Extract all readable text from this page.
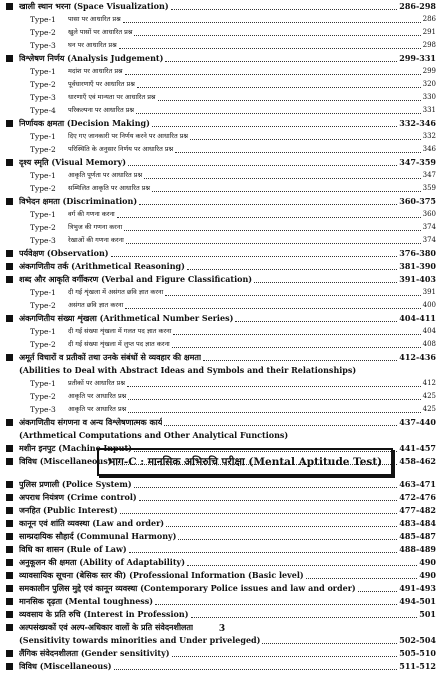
खाली स्थान भरना (Space Visualization)	286-298
Type-1	पासा पर आधारित प्रश्न	286
Type-2	खुले पासों पर आधारित प्रश्न	291
Type-3	घन पर आधारित प्रश्न	298
विश्लेषण निर्णय (Analysis Judgement)	299-331
Type-1	मदांश पर आधारित प्रश्न	299
Type-2	पूर्वधारणाएँ पर आधारित प्रश्न	320
Type-3	धारणाएँ एवं मान्यता पर आधारित प्रश्न	330
Type-4	परिकल्पना पर आधारित प्रश्न	331
निर्णायक क्षमता (Decision Making)	332-346
Type-1	दिए गए जानकारी पर निर्णय करने पर आधारित प्रश्न	332
Type-2	परिस्थिति के अनुसार निर्णय पर आधारित प्रश्न	346
दृश्य स्मृति (Visual Memory)	347-359
Type-1	आकृति पूर्णता पर आधारित प्रश्न	347
Type-2	सम्मिलित आकृति पर आधारित प्रश्न	359
विभेदन क्षमता (Discrimination)	360-375
Type-1	वर्ग की गणना करना	360
Type-2	त्रिभुज की गणना करना	374
Type-3	रेखाओं की गणना करना	374
पर्यवेक्षण (Observation)	376-380
अंकगणितीय तर्क (Arithmetical Reasoning)	381-390
शब्द और आकृति वर्गीकरण (Verbal and Figure Classification)	391-403
Type-1	दी गई शृंखला में असंगत छवि ज्ञात करना	391
Type-2	असंगत छवि ज्ञात करना	400
अंकगणितीय संख्या शृंखला (Arithmetical Number Series)	404-411
Type-1	दी गई संख्या शृंखला में गलत पद ज्ञात करना	404
Type-2	दी गई संख्या शृंखला में लुप्त पद ज्ञात करना	408
अमूर्त विचारों व प्रतीकों तथा उनके संबंधों से व्यवहार की क्षमता	412-436
(Abilities to Deal with Abstract Ideas and Symbols and their Relationships)
Type-1	प्रतीकों पर आधारित प्रश्न	412
Type-2	आकृति पर आधारित प्रश्न	425
Type-3	आकृति पर आधारित प्रश्न	425
अंकगणितीय संगणना व अन्य विश्लेषणात्मक कार्य	437-440
(Arthmetical Computations and Other Analytical Functions)
मशीन इनपुट (Machine Input)	441-457
विविध (Miscellaneous)	458-462
भाग-C : मानसिक अभिरुचि परीक्षा (Mental Aptitude Test)
पुलिस प्रणाली (Police System)	463-471
अपराध नियंत्रण (Crime control)	472-476
जनहित (Public Interest)	477-482
कानून एवं शांति व्यवस्था (Law and order)	483-484
साम्प्रदायिक सौहार्द (Communal Harmony)	485-487
विधि का शासन (Rule of Law)	488-489
अनुकूलन की क्षमता (Ability of Adaptability)	490
व्यावसायिक सूचना (बेसिक स्तर की) (Professional Information (Basic level)	490
समकालीन पुलिस मुद्दे एवं कानून व्यवस्था (Contemporary Police issues and law and order)	491-493
मानसिक दृढ़ता (Mental toughness)	494-501
व्यवसाय के प्रति रुचि (Interest in Profession)	501
अल्पसंख्यकों एवं अल्प-अधिकार वालों के प्रति संवेदनशीलता
(Sensitivity towards minorities and Under priveleged)	502-504
लैंगिक संवेदनशीलता (Gender sensitivity)	505-510
विविध (Miscellaneous)	511-512
3
